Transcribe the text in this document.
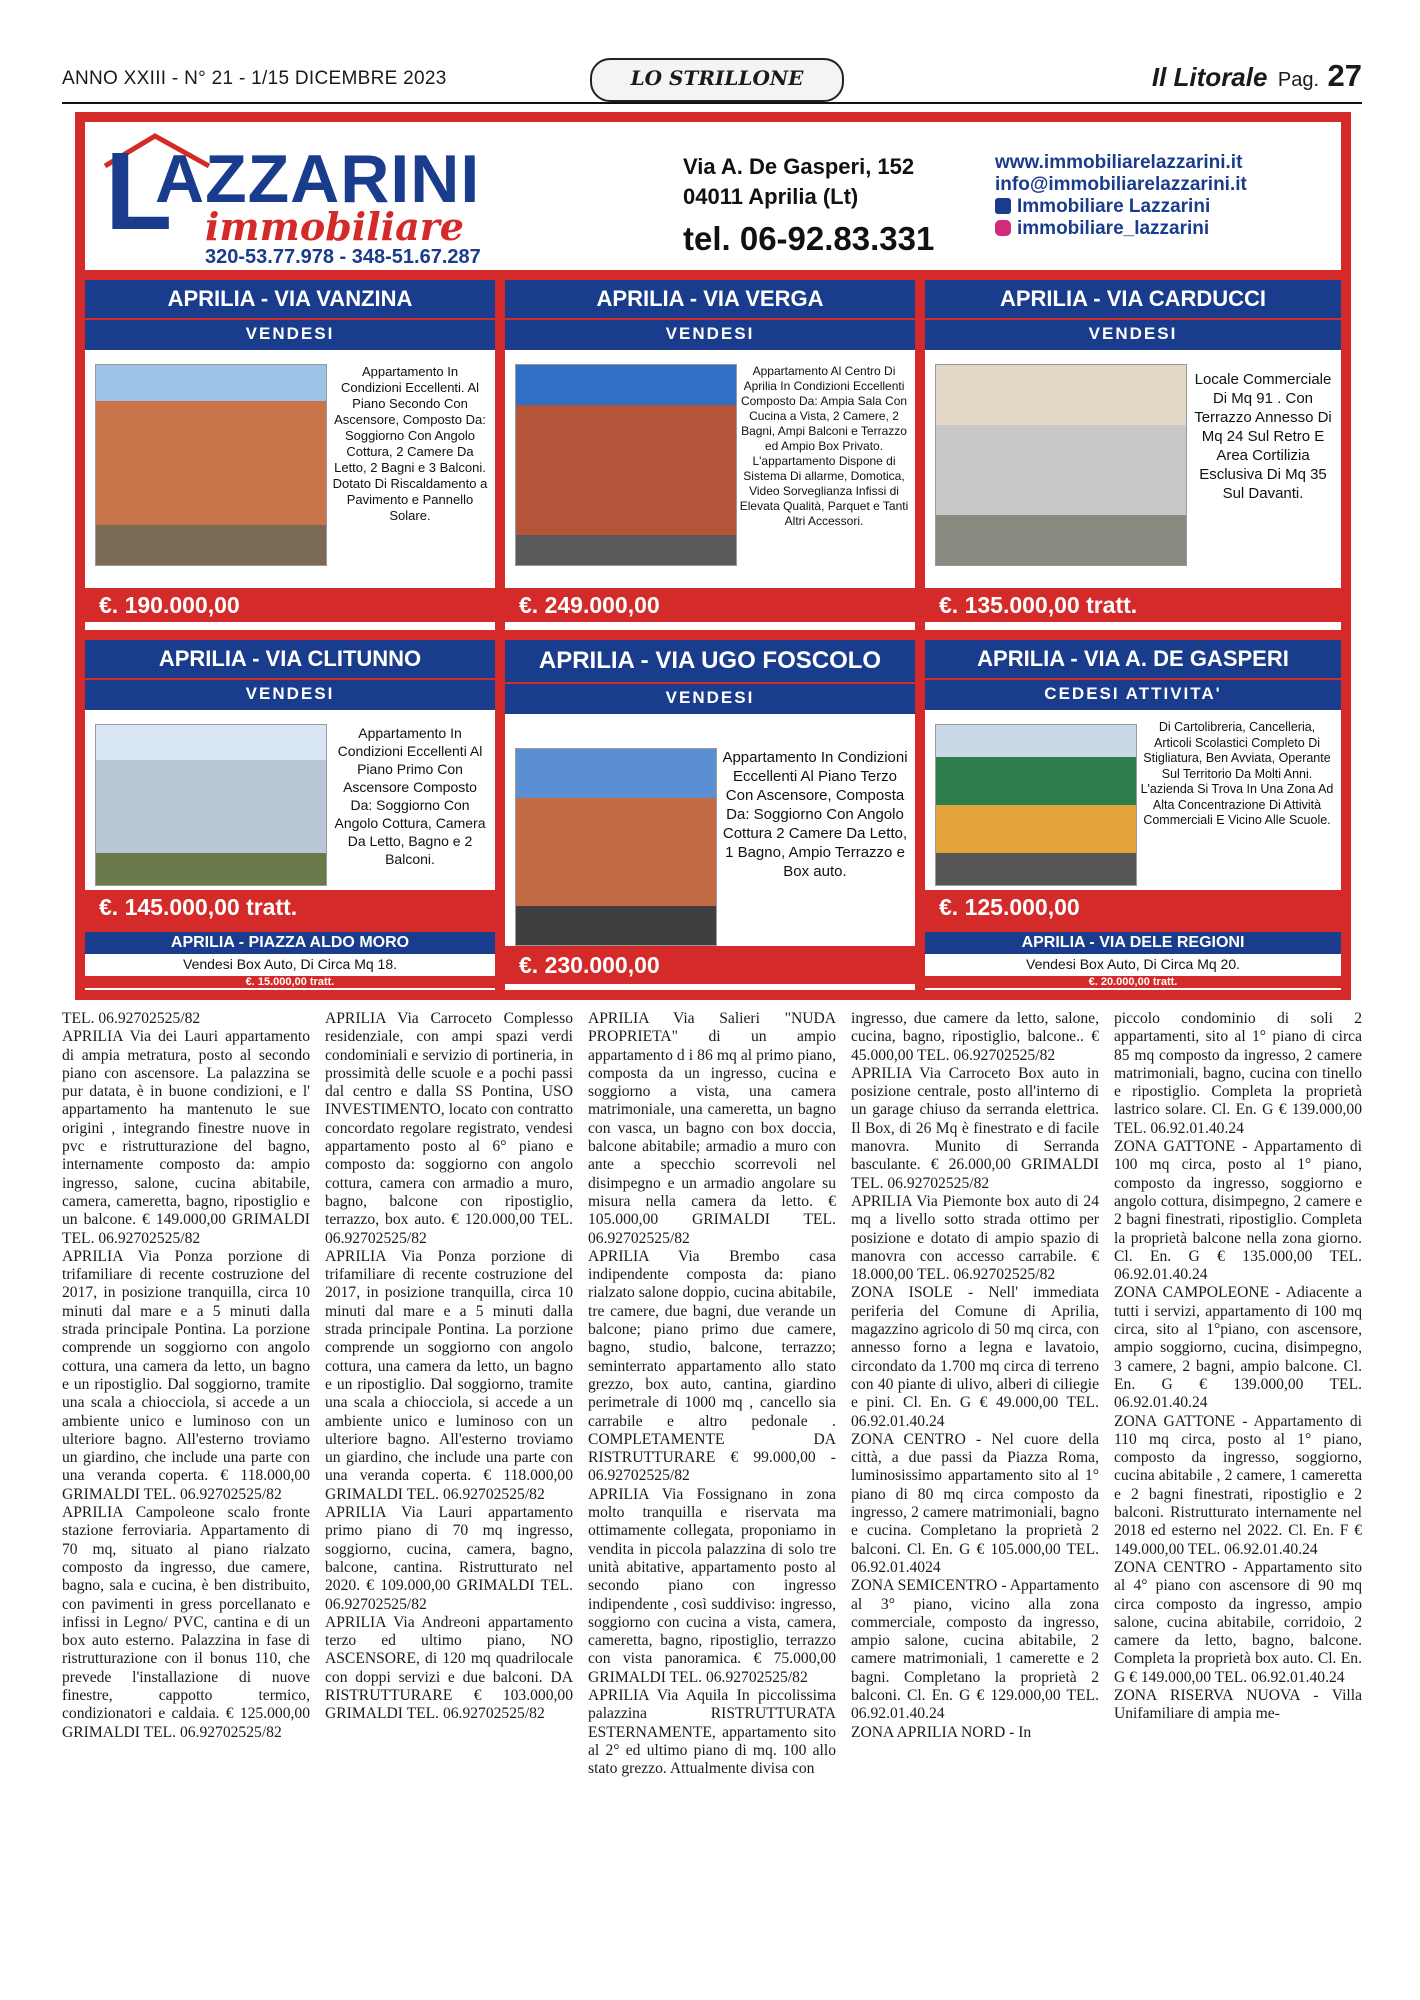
ANNO XXIII - N° 21 - 1/15 DICEMBRE 2023	LO STRILLONE	Il Litorale Pag. 27
L
AZZARINI
immobiliare
320-53.77.978 - 348-51.67.287
Via A. De Gasperi, 152
04011 Aprilia (Lt)
tel. 06-92.83.331
www.immobiliarelazzarini.it
info@immobiliarelazzarini.it
Immobiliare Lazzarini
immobiliare_lazzarini
APRILIA - VIA VANZINA
VENDESI
Appartamento In Condizioni Eccellenti. Al Piano Secondo Con Ascensore, Composto Da: Soggiorno Con Angolo Cottura, 2 Camere Da Letto, 2 Bagni e 3 Balconi. Dotato Di Riscaldamento a Pavimento e Pannello Solare.
€. 190.000,00
APRILIA - VIA VERGA
VENDESI
Appartamento Al Centro Di Aprilia In Condizioni Eccellenti Composto Da: Ampia Sala Con Cucina a Vista, 2 Camere, 2 Bagni, Ampi Balconi e Terrazzo ed Ampio Box Privato. L'appartamento Dispone di Sistema Di allarme, Domotica, Video Sorveglianza Infissi di Elevata Qualità, Parquet e Tanti Altri Accessori.
€. 249.000,00
APRILIA - VIA CARDUCCI
VENDESI
Locale Commerciale Di Mq 91 . Con Terrazzo Annesso Di Mq 24 Sul Retro E Area Cortilizia Esclusiva Di Mq 35 Sul Davanti.
€. 135.000,00 tratt.
APRILIA - VIA CLITUNNO
VENDESI
Appartamento In Condizioni Eccellenti Al Piano Primo Con Ascensore Composto Da: Soggiorno Con Angolo Cottura, Camera Da Letto, Bagno e 2 Balconi.
€. 145.000,00 tratt.
APRILIA - VIA UGO FOSCOLO
VENDESI
Appartamento In Condizioni Eccellenti Al Piano Terzo Con Ascensore, Composta Da: Soggiorno Con Angolo Cottura 2 Camere Da Letto, 1 Bagno, Ampio Terrazzo e Box auto.
€. 230.000,00
APRILIA - VIA A. DE GASPERI
CEDESI ATTIVITA'
Di Cartolibreria, Cancelleria, Articoli Scolastici Completo Di Stigliatura, Ben Avviata, Operante Sul Territorio Da Molti Anni. L'azienda Si Trova In Una Zona Ad Alta Concentrazione Di Attività Commerciali E Vicino Alle Scuole.
€. 125.000,00
APRILIA - PIAZZA ALDO MORO
Vendesi Box Auto, Di Circa Mq 18.
€. 15.000,00 tratt.
APRILIA - VIA DELE REGIONI
Vendesi Box Auto, Di Circa Mq 20.
€. 20.000,00 tratt.

TEL. 06.92702525/82

APRILIA Via dei Lauri appartamento di ampia metratura, posto al secondo piano con ascensore. La palazzina se pur datata, è in buone condizioni, e l' appartamento ha mantenuto le sue origini , integrando finestre nuove in pvc e ristrutturazione del bagno, internamente composto da: ampio ingresso, salone, cucina abitabile, camera, cameretta, bagno, ripostiglio e un balcone. € 149.000,00 GRIMALDI TEL. 06.92702525/82

APRILIA Via Ponza porzione di trifamiliare di recente costruzione del 2017, in posizione tranquilla, circa 10 minuti dal mare e a 5 minuti dalla strada principale Pontina. La porzione comprende un soggiorno con angolo cottura, una camera da letto, un bagno e un ripostiglio. Dal soggiorno, tramite una scala a chiocciola, si accede a un ambiente unico e luminoso con un ulteriore bagno. All'esterno troviamo un giardino, che include una parte con una veranda coperta. € 118.000,00 GRIMALDI TEL. 06.92702525/82

APRILIA Campoleone scalo fronte stazione ferroviaria. Appartamento di 70 mq, situato al piano rialzato composto da ingresso, due camere, bagno, sala e cucina, è ben distribuito, con pavimenti in gress porcellanato e infissi in Legno/ PVC, cantina e di un box auto esterno. Palazzina in fase di ristrutturazione con il bonus 110, che prevede l'installazione di nuove finestre, cappotto termico, condizionatori e caldaia. € 125.000,00 GRIMALDI TEL. 06.92702525/82

APRILIA Via Carroceto Complesso residenziale, con ampi spazi verdi condominiali e servizio di portineria, in prossimità delle scuole e a pochi passi dal centro e dalla SS Pontina, USO INVESTIMENTO, locato con contratto concordato regolare registrato, vendesi appartamento posto al 6° piano e composto da: soggiorno con angolo cottura, camera con armadio a muro, bagno, balcone con ripostiglio, terrazzo, box auto. € 120.000,00 TEL. 06.92702525/82

APRILIA Via Ponza porzione di trifamiliare di recente costruzione del 2017, in posizione tranquilla, circa 10 minuti dal mare e a 5 minuti dalla strada principale Pontina. La porzione comprende un soggiorno con angolo cottura, una camera da letto, un bagno e un ripostiglio. Dal soggiorno, tramite una scala a chiocciola, si accede a un ambiente unico e luminoso con un ulteriore bagno. All'esterno troviamo un giardino, che include una parte con una veranda coperta. € 118.000,00 GRIMALDI TEL. 06.92702525/82

APRILIA Via Lauri appartamento primo piano di 70 mq ingresso, soggiorno, cucina, camera, bagno, balcone, cantina. Ristrutturato nel 2020. € 109.000,00 GRIMALDI TEL. 06.92702525/82

APRILIA Via Andreoni appartamento terzo ed ultimo piano, NO ASCENSORE, di 120 mq quadrilocale con doppi servizi e due balconi. DA RISTRUTTURARE € 103.000,00 GRIMALDI TEL. 06.92702525/82

APRILIA Via Salieri "NUDA PROPRIETA" di un ampio appartamento d i 86 mq al primo piano, composta da un ingresso, cucina e soggiorno a vista, una camera matrimoniale, una cameretta, un bagno con vasca, un bagno con box doccia, balcone abitabile; armadio a muro con ante a specchio scorrevoli nel disimpegno e un armadio angolare su misura nella camera da letto. € 105.000,00 GRIMALDI TEL. 06.92702525/82

APRILIA Via Brembo casa indipendente composta da: piano rialzato salone doppio, cucina abitabile, tre camere, due bagni, due verande un balcone; piano primo due camere, bagno, studio, balcone, terrazzo; seminterrato appartamento allo stato grezzo, box auto, cantina, giardino perimetrale di 1000 mq , cancello sia carrabile e altro pedonale . COMPLETAMENTE DA RISTRUTTURARE € 99.000,00 - 06.92702525/82

APRILIA Via Fossignano in zona molto tranquilla e riservata ma ottimamente collegata, proponiamo in vendita in piccola palazzina di solo tre unità abitative, appartamento posto al secondo piano con ingresso indipendente , così suddiviso: ingresso, soggiorno con cucina a vista, camera, cameretta, bagno, ripostiglio, terrazzo con vista panoramica. € 75.000,00 GRIMALDI TEL. 06.92702525/82

APRILIA Via Aquila In piccolissima palazzina RISTRUTTURATA ESTERNAMENTE, appartamento sito al 2° ed ultimo piano di mq. 100 allo stato grezzo. Attualmente divisa con

ingresso, due camere da letto, salone, cucina, bagno, ripostiglio, balcone.. € 45.000,00 TEL. 06.92702525/82

APRILIA Via Carroceto Box auto in posizione centrale, posto all'interno di un garage chiuso da serranda elettrica. Il Box, di 26 Mq è finestrato e di facile manovra. Munito di Serranda basculante. € 26.000,00 GRIMALDI TEL. 06.92702525/82

APRILIA Via Piemonte box auto di 24 mq a livello sotto strada ottimo per posizione e dotato di ampio spazio di manovra con accesso carrabile. € 18.000,00 TEL. 06.92702525/82

ZONA ISOLE - Nell' immediata periferia del Comune di Aprilia, magazzino agricolo di 50 mq circa, con annesso forno a legna e lavatoio, circondato da 1.700 mq circa di terreno con 40 piante di ulivo, alberi di ciliegie e pini. Cl. En. G € 49.000,00 TEL. 06.92.01.40.24

ZONA CENTRO - Nel cuore della città, a due passi da Piazza Roma, luminosissimo appartamento sito al 1° piano di 80 mq circa composto da ingresso, 2 camere matrimoniali, bagno e cucina. Completano la proprietà 2 balconi. Cl. En. G € 105.000,00 TEL. 06.92.01.4024

ZONA SEMICENTRO - Appartamento al 3° piano, vicino alla zona commerciale, composto da ingresso, ampio salone, cucina abitabile, 2 camere matrimoniali, 1 camerette e 2 bagni. Completano la proprietà 2 balconi. Cl. En. G € 129.000,00 TEL. 06.92.01.40.24

ZONA APRILIA NORD - In

piccolo condominio di soli 2 appartamenti, sito al 1° piano di circa 85 mq composto da ingresso, 2 camere matrimoniali, bagno, cucina con tinello e ripostiglio. Completa la proprietà lastrico solare. Cl. En. G € 139.000,00 TEL. 06.92.01.40.24

ZONA GATTONE - Appartamento di 100 mq circa, posto al 1° piano, composto da ingresso, soggiorno e angolo cottura, disimpegno, 2 camere e 2 bagni finestrati, ripostiglio. Completa la proprietà balcone nella zona giorno. Cl. En. G € 135.000,00 TEL. 06.92.01.40.24

ZONA CAMPOLEONE - Adiacente a tutti i servizi, appartamento di 100 mq circa, sito al 1°piano, con ascensore, ampio soggiorno, cucina, disimpegno, 3 camere, 2 bagni, ampio balcone. Cl. En. G € 139.000,00 TEL. 06.92.01.40.24

ZONA GATTONE - Appartamento di 110 mq circa, posto al 1° piano, composto da ingresso, soggiorno, cucina abitabile , 2 camere, 1 cameretta e 2 bagni finestrati, ripostiglio e 2 balconi. Ristrutturato internamente nel 2018 ed esterno nel 2022. Cl. En. F € 149.000,00 TEL. 06.92.01.40.24

ZONA CENTRO - Appartamento sito al 4° piano con ascensore di 90 mq circa composto da ingresso, ampio salone, cucina abitabile, corridoio, 2 camere da letto, bagno, balcone. Completa la proprietà box auto. Cl. En. G € 149.000,00 TEL. 06.92.01.40.24

ZONA RISERVA NUOVA - Villa Unifamiliare di ampia me-
